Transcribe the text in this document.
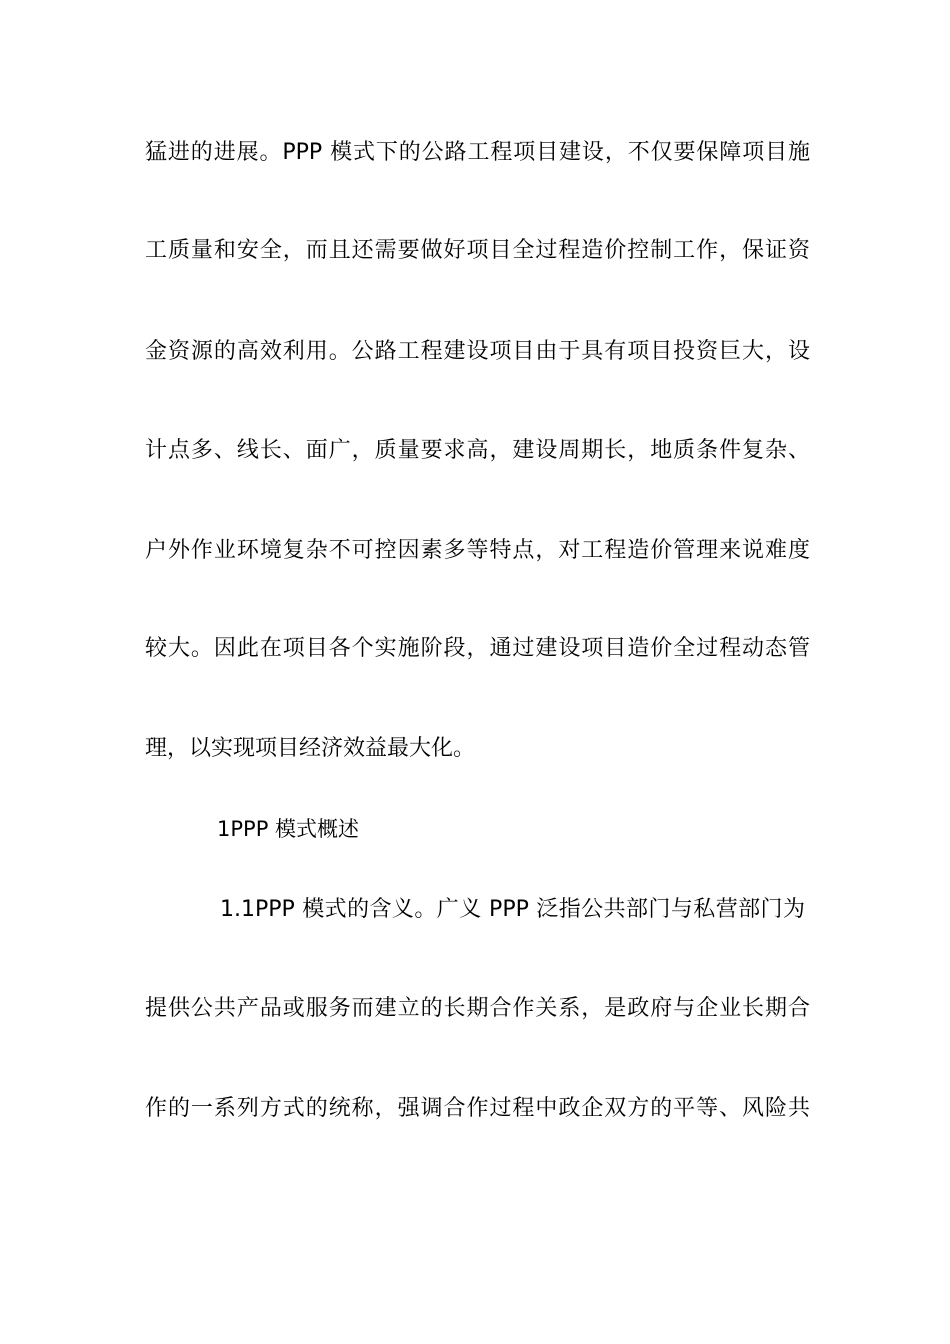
猛进的进展。PPP 模式下的公路工程项目建设，不仅要保障项目施
工质量和安全，而且还需要做好项目全过程造价控制工作，保证资
金资源的高效利用。公路工程建设项目由于具有项目投资巨大，设
计点多、线长、面广，质量要求高，建设周期长，地质条件复杂、
户外作业环境复杂不可控因素多等特点，对工程造价管理来说难度
较大。因此在项目各个实施阶段，通过建设项目造价全过程动态管
理，以实现项目经济效益最大化。
1PPP 模式概述
1.1PPP 模式的含义。广义 PPP 泛指公共部门与私营部门为
提供公共产品或服务而建立的长期合作关系，是政府与企业长期合
作的一系列方式的统称，强调合作过程中政企双方的平等、风险共
